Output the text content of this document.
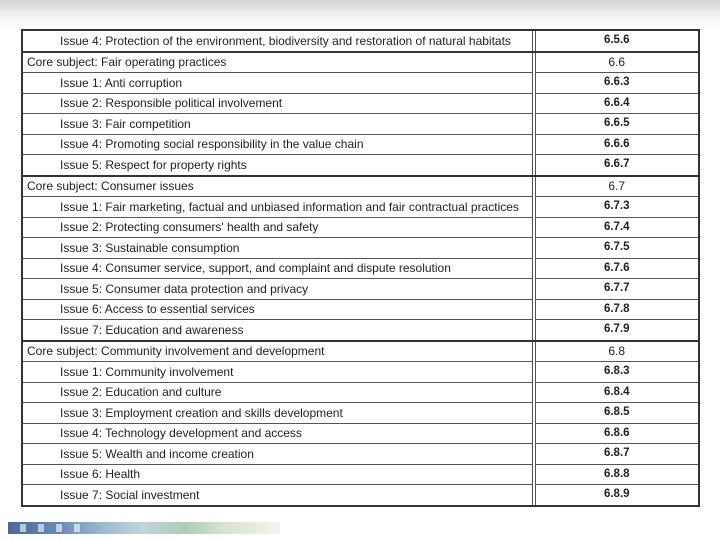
Issue 4: Protection of the environment, biodiversity and restoration of natural habitats		6.5.6
Core subject: Fair operating practices		6.6
Issue 1: Anti corruption		6.6.3
Issue 2: Responsible political involvement		6.6.4
Issue 3: Fair competition		6.6.5
Issue 4: Promoting social responsibility in the value chain		6.6.6
Issue 5: Respect for property rights		6.6.7
Core subject: Consumer issues		6.7
Issue 1: Fair marketing, factual and unbiased information and fair contractual practices		6.7.3
Issue 2: Protecting consumers' health and safety		6.7.4
Issue 3: Sustainable consumption		6.7.5
Issue 4: Consumer service, support, and complaint and dispute resolution		6.7.6
Issue 5: Consumer data protection and privacy		6.7.7
Issue 6: Access to essential services		6.7.8
Issue 7: Education and awareness		6.7.9
Core subject: Community involvement and development		6.8
Issue 1: Community involvement		6.8.3
Issue 2: Education and culture		6.8.4
Issue 3: Employment creation and skills development		6.8.5
Issue 4: Technology development and access		6.8.6
Issue 5: Wealth and income creation		6.8.7
Issue 6: Health		6.8.8
Issue 7: Social investment		6.8.9
